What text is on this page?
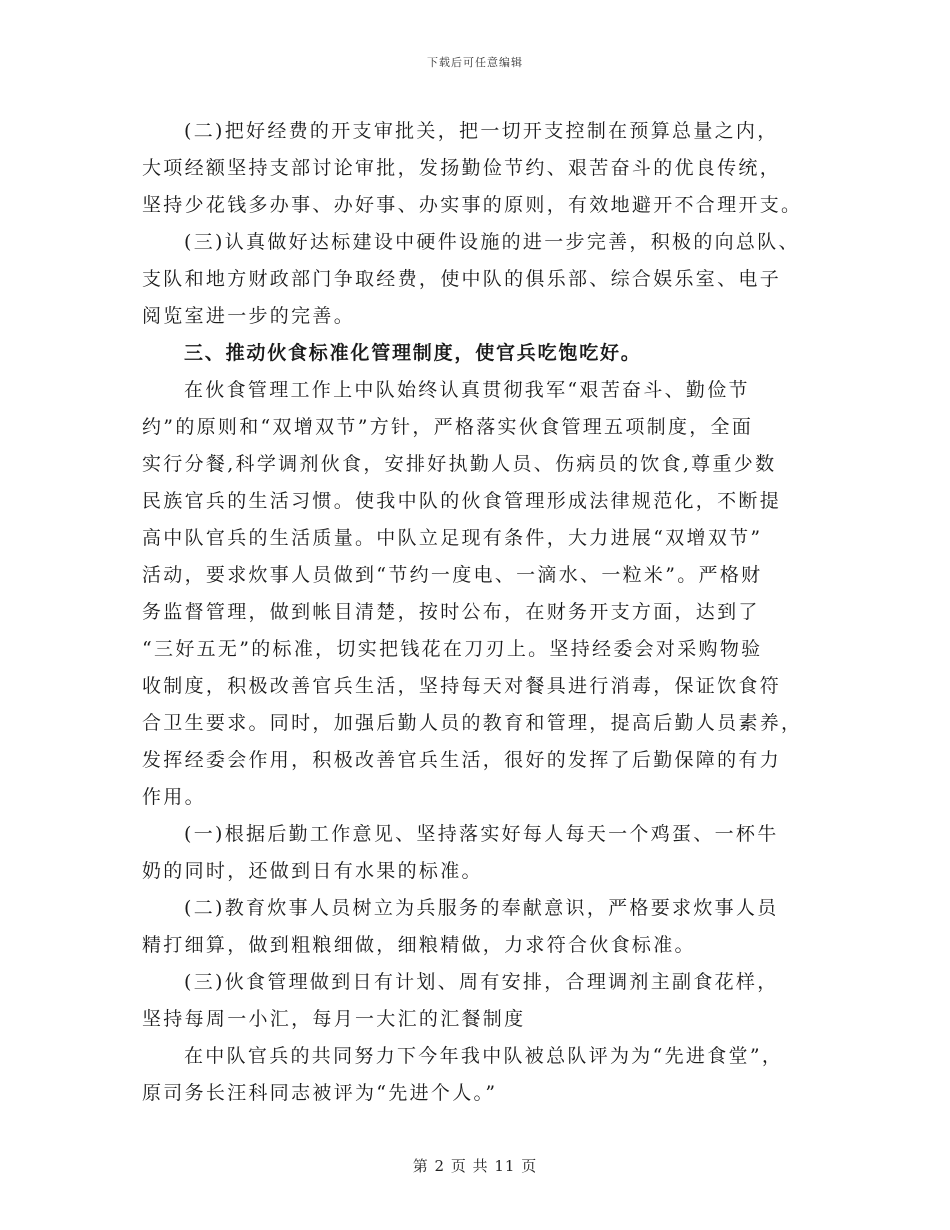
下载后可任意编辑
(二)把好经费的开支审批关，把一切开支控制在预算总量之内，
大项经额坚持支部讨论审批，发扬勤俭节约、艰苦奋斗的优良传统，
坚持少花钱多办事、办好事、办实事的原则，有效地避开不合理开支。
(三)认真做好达标建设中硬件设施的进一步完善，积极的向总队、
支队和地方财政部门争取经费，使中队的俱乐部、综合娱乐室、电子
阅览室进一步的完善。
三、推动伙食标准化管理制度，使官兵吃饱吃好。
在伙食管理工作上中队始终认真贯彻我军“艰苦奋斗、勤俭节
约”的原则和“双增双节”方针，严格落实伙食管理五项制度，全面
实行分餐,科学调剂伙食，安排好执勤人员、伤病员的饮食,尊重少数
民族官兵的生活习惯。使我中队的伙食管理形成法律规范化，不断提
高中队官兵的生活质量。中队立足现有条件，大力进展“双增双节”
活动，要求炊事人员做到“节约一度电、一滴水、一粒米”。严格财
务监督管理，做到帐目清楚，按时公布，在财务开支方面，达到了
“三好五无”的标准，切实把钱花在刀刃上。坚持经委会对采购物验
收制度，积极改善官兵生活，坚持每天对餐具进行消毒，保证饮食符
合卫生要求。同时，加强后勤人员的教育和管理，提高后勤人员素养，
发挥经委会作用，积极改善官兵生活，很好的发挥了后勤保障的有力
作用。
(一)根据后勤工作意见、坚持落实好每人每天一个鸡蛋、一杯牛
奶的同时，还做到日有水果的标准。
(二)教育炊事人员树立为兵服务的奉献意识，严格要求炊事人员
精打细算，做到粗粮细做，细粮精做，力求符合伙食标准。
(三)伙食管理做到日有计划、周有安排，合理调剂主副食花样，
坚持每周一小汇，每月一大汇的汇餐制度
在中队官兵的共同努力下今年我中队被总队评为为“先进食堂”，
原司务长汪科同志被评为“先进个人。”
第 2 页 共 11 页
